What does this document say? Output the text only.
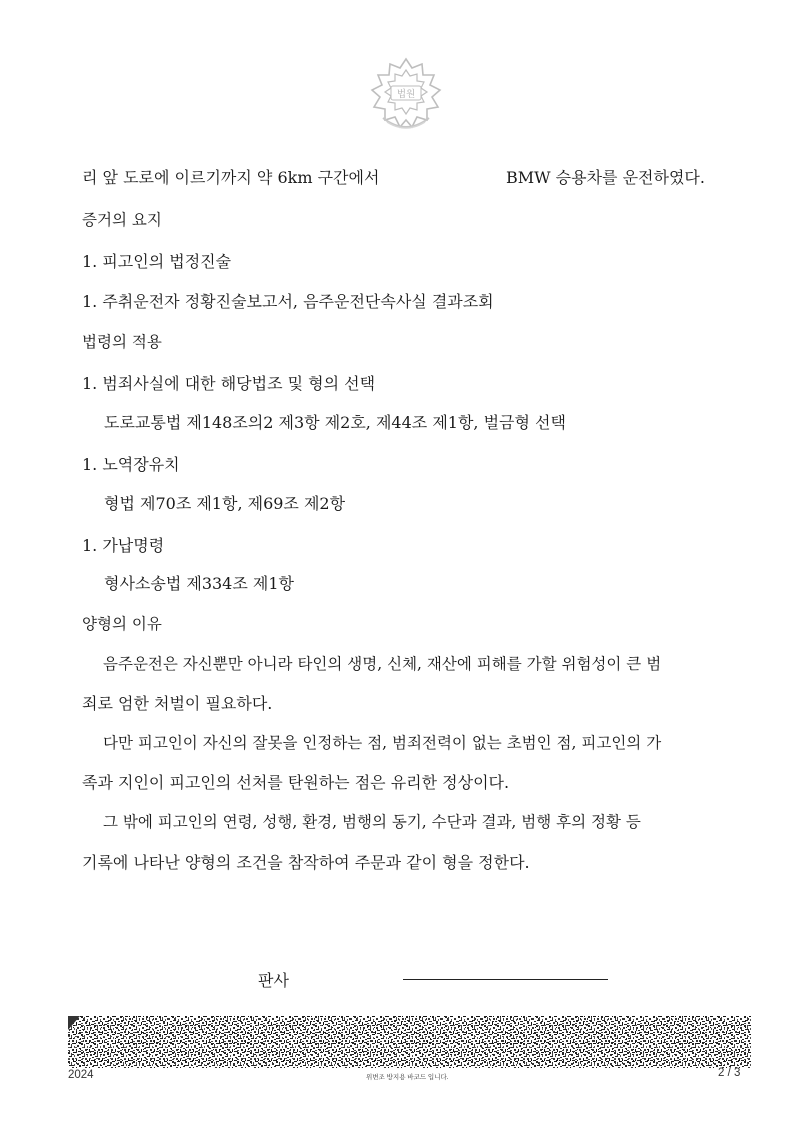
법원
리 앞 도로에 이르기까지 약 6km 구간에서	BMW 승용차를 운전하였다.
증거의 요지
1. 피고인의 법정진술
1. 주취운전자 정황진술보고서, 음주운전단속사실 결과조회
법령의 적용
1. 범죄사실에 대한 해당법조 및 형의 선택
도로교통법 제148조의2 제3항 제2호, 제44조 제1항, 벌금형 선택
1. 노역장유치
형법 제70조 제1항, 제69조 제2항
1. 가납명령
형사소송법 제334조 제1항
양형의 이유
음주운전은 자신뿐만 아니라 타인의 생명, 신체, 재산에 피해를 가할 위험성이 큰 범
죄로 엄한 처벌이 필요하다.
다만 피고인이 자신의 잘못을 인정하는 점, 범죄전력이 없는 초범인 점, 피고인의 가
족과 지인이 피고인의 선처를 탄원하는 점은 유리한 정상이다.
그 밖에 피고인의 연령, 성행, 환경, 범행의 동기, 수단과 결과, 범행 후의 정황 등
기록에 나타난 양형의 조건을 참작하여 주문과 같이 형을 정한다.
판사
2024	위변조 방지용 바코드 입니다.	2 / 3
